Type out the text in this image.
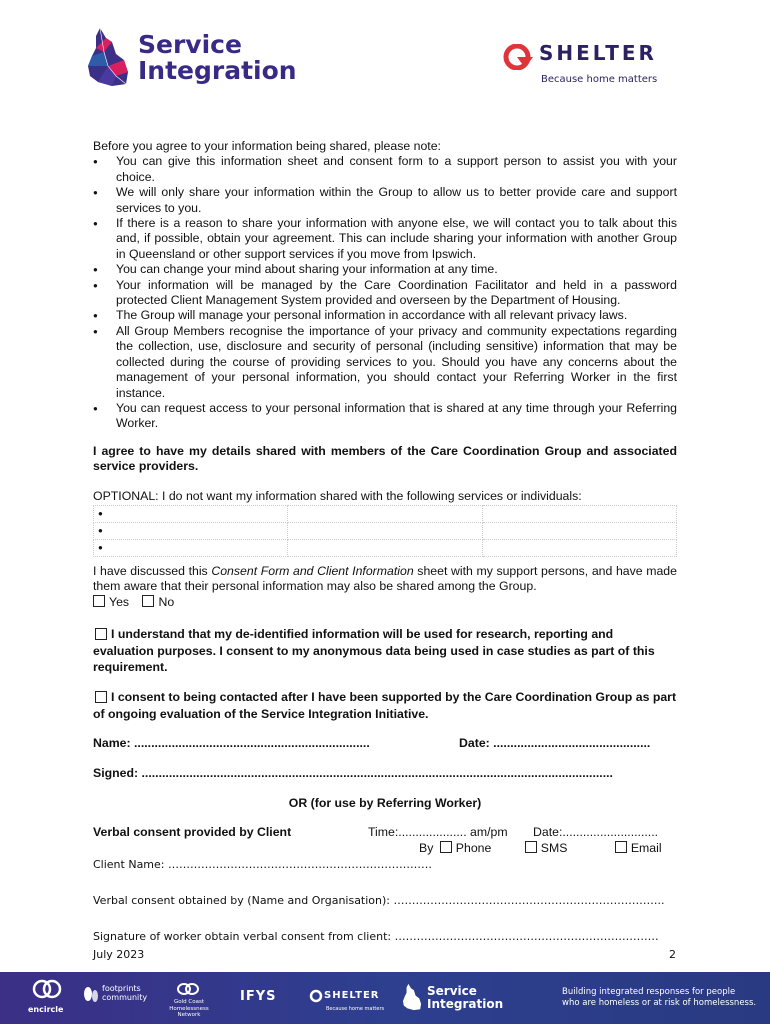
Service
Integration
SHELTER
Because home matters

Before you agree to your information being shared, please note:

● You can give this information sheet and consent form to a support person to assist you with your choice.
● We will only share your information within the Group to allow us to better provide care and support services to you.
● If there is a reason to share your information with anyone else, we will contact you to talk about this and, if possible, obtain your agreement. This can include sharing your information with another Group in Queensland or other support services if you move from Ipswich.
● You can change your mind about sharing your information at any time.
● Your information will be managed by the Care Coordination Facilitator and held in a password protected Client Management System provided and overseen by the Department of Housing.
● The Group will manage your personal information in accordance with all relevant privacy laws.
● All Group Members recognise the importance of your privacy and community expectations regarding the collection, use, disclosure and security of personal (including sensitive) information that may be collected during the course of providing services to you. Should you have any concerns about the management of your personal information, you should contact your Referring Worker in the first instance.
● You can request access to your personal information that is shared at any time through your Referring Worker.

I agree to have my details shared with members of the Care Coordination Group and associated service providers.

OPTIONAL: I do not want my information shared with the following services or individuals:

●		
●		
●		

I have discussed this Consent Form and Client Information sheet with my support persons, and have made them aware that their personal information may also be shared among the Group.

Yes No

I understand that my de-identified information will be used for research, reporting and evaluation purposes. I consent to my anonymous data being used in case studies as part of this requirement.

I consent to being contacted after I have been supported by the Care Coordination Group as part of ongoing evaluation of the Service Integration Initiative.

Name: .....................................................................	Date: ..............................................
Signed: ..........................................................................................................................................
OR (for use by Referring Worker)
Verbal consent provided by Client	Time:.................... am/pm Date:............................
By Phone	SMS	Email
Client Name: ………………………………………………………………
Verbal consent obtained by (Name and Organisation): ………………………………………………………………..
Signature of worker obtain verbal consent from client: ………………………………………………………………
July 2023	2
encircle
footprints
community	Gold Coast
Homelessness Network
IFYS	SHELTER
Because home matters
Service
Integration
Building integrated responses for people
who are homeless or at risk of homelessness.
